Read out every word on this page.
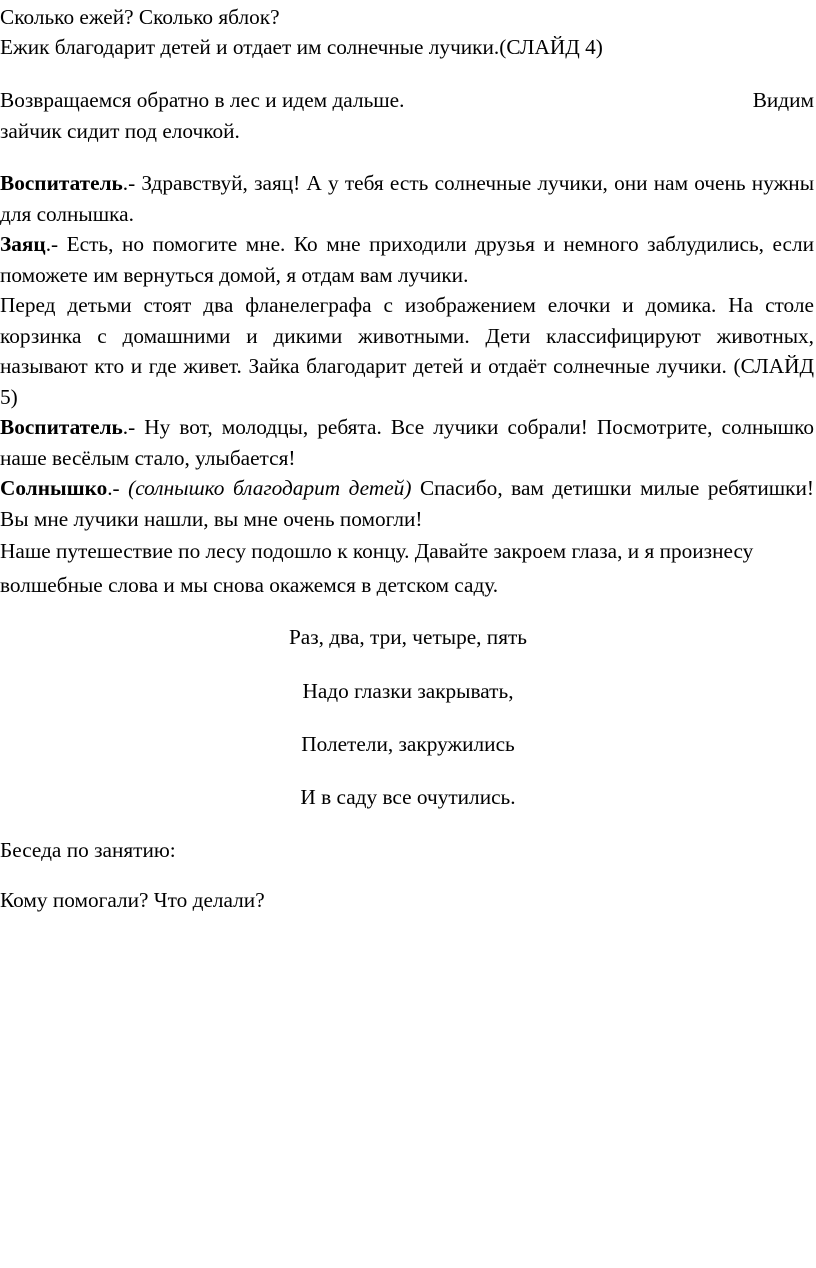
Сколько ежей? Сколько яблок?

Ежик благодарит детей и отдает им солнечные лучики.(СЛАЙД 4)

Возвращаемся обратно в лес и идем дальше.	Видим
зайчик сидит под елочкой.

Воспитатель.- Здравствуй, заяц! А у тебя есть солнечные лучики, они нам очень нужны для солнышка.

Заяц.- Есть, но помогите мне. Ко мне приходили друзья и немного заблудились, если поможете им вернуться домой, я отдам вам лучики.

Перед детьми стоят два фланелеграфа с изображением елочки и домика. На столе корзинка с домашними и дикими животными. Дети классифицируют животных, называют кто и где живет. Зайка благодарит детей и отдаёт солнечные лучики. (СЛАЙД 5)

Воспитатель.- Ну вот, молодцы, ребята. Все лучики собрали! Посмотрите, солнышко наше весёлым стало, улыбается!

Солнышко.- (солнышко благодарит детей) Спасибо, вам детишки милые ребятишки! Вы мне лучики нашли, вы мне очень помогли!

Наше путешествие по лесу подошло к концу. Давайте закроем глаза, и я произнесу волшебные слова и мы снова окажемся в детском саду.

Раз, два, три, четыре, пять

Надо глазки закрывать,

Полетели, закружились

И в саду все очутились.

Беседа по занятию:

Кому помогали? Что делали?
